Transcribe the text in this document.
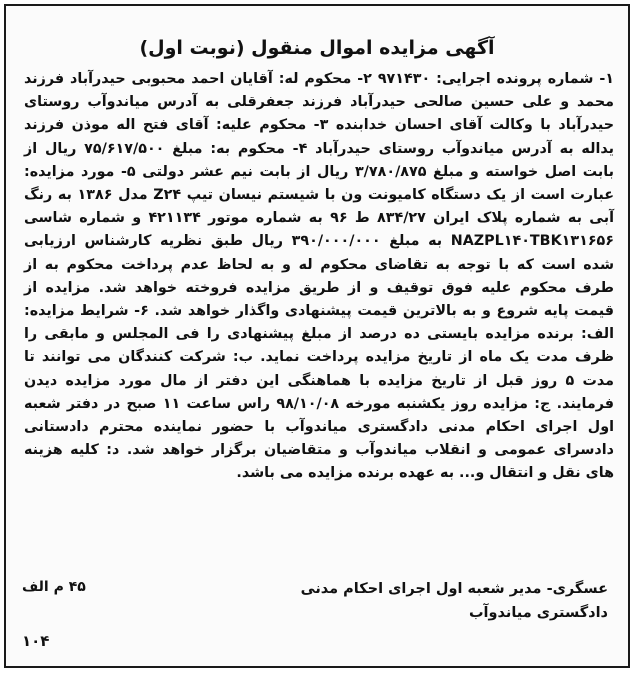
آگهی مزایده اموال منقول (نوبت اول)
۱- شماره پرونده اجرایی: ۹۷۱۴۳۰ ۲- محکوم له: آقایان احمد محبوبی حیدرآباد فرزند محمد و علی حسین صالحی حیدرآباد فرزند جعفرقلی به آدرس میاندوآب روستای حیدرآباد با وکالت آقای احسان خدابنده ۳- محکوم علیه: آقای فتح اله موذن فرزند یداله به آدرس میاندوآب روستای حیدرآباد ۴- محکوم به: مبلغ ۷۵/۶۱۷/۵۰۰ ریال از بابت اصل خواسته و مبلغ ۳/۷۸۰/۸۷۵ ریال از بابت نیم عشر دولتی ۵- مورد مزایده: عبارت است از یک دستگاه کامیونت ون با شیستم نیسان تیپ Z۲۴ مدل ۱۳۸۶ به رنگ آبی به شماره پلاک ایران ۸۳۴/۲۷ ط ۹۶ به شماره موتور ۴۲۱۱۳۴ و شماره شاسی NAZPL۱۴۰TBK۱۳۱۶۵۶ به مبلغ ۳۹۰/۰۰۰/۰۰۰ ریال طبق نظریه کارشناس ارزیابی شده است که با توجه به تقاضای محکوم له و به لحاظ عدم پرداخت محکوم به از طرف محکوم علیه فوق توقیف و از طریق مزایده فروخته خواهد شد. مزایده از قیمت پایه شروع و به بالاترین قیمت پیشنهادی واگذار خواهد شد. ۶- شرایط مزایده: الف: برنده مزایده بایستی ده درصد از مبلغ پیشنهادی را فی المجلس و مابقی را ظرف مدت یک ماه از تاریخ مزایده پرداخت نماید. ب: شرکت کنندگان می توانند تا مدت ۵ روز قبل از تاریخ مزایده با هماهنگی این دفتر از مال مورد مزایده دیدن فرمایند. ج: مزایده روز یکشنبه مورخه ۹۸/۱۰/۰۸ راس ساعت ۱۱ صبح در دفتر شعبه اول اجرای احکام مدنی دادگستری میاندوآب با حضور نماینده محترم دادستانی دادسرای عمومی و انقلاب میاندوآب و متقاضیان برگزار خواهد شد. د: کلیه هزینه های نقل و انتقال و... به عهده برنده مزایده می باشد.
عسگری- مدیر شعبه اول اجرای احکام مدنی
دادگستری میاندوآب
۴۵ م الف
۱۰۴
